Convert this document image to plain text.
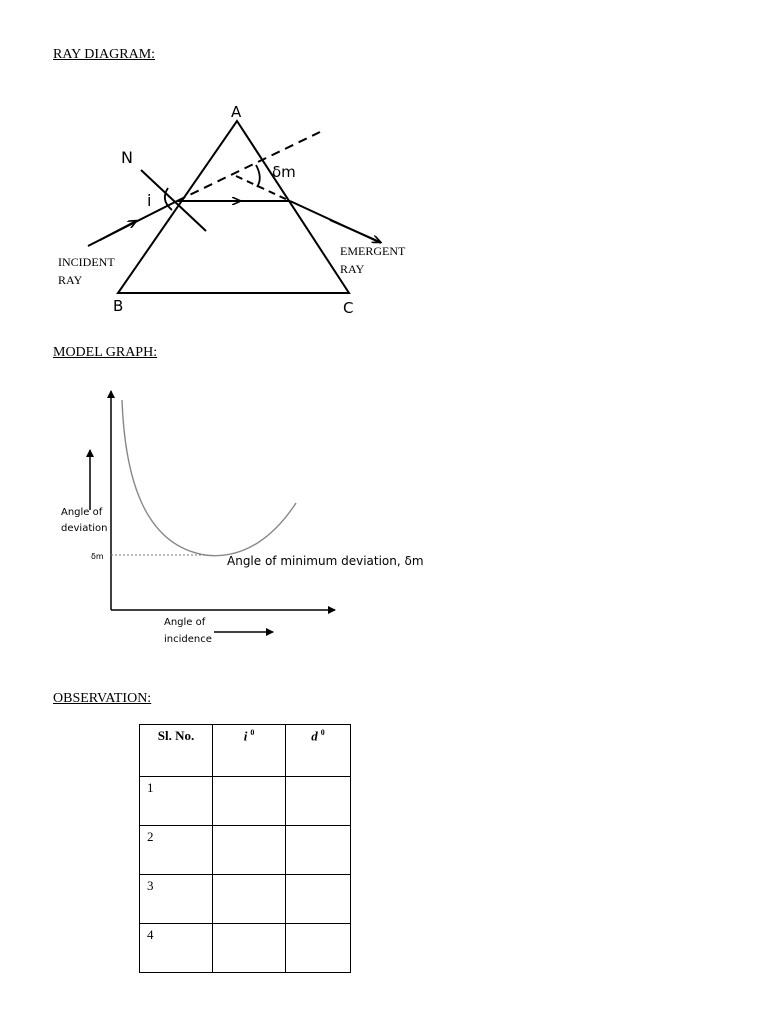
RAY DIAGRAM:
MODEL GRAPH:
OBSERVATION:
A
B	C
N
i
δm
INCIDENT
RAY
EMERGENT
RAY
Angle of
deviation
δm	Angle of minimum deviation, δm
Angle of
incidence
Sl. No.	i $^0$	d $^0$
1		
2		
3		
4		
